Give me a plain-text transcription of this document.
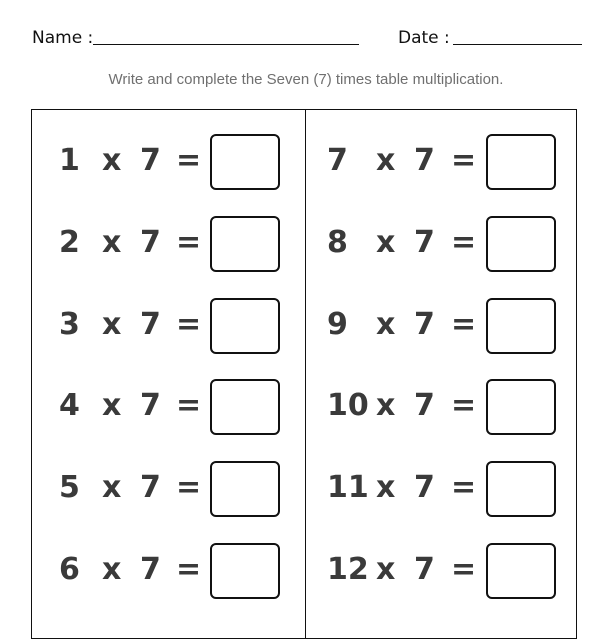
Name :	Date :
Write and complete the Seven (7) times table multiplication.
1 x 7 =
2 x 7 =
3 x 7 =
4 x 7 =
5 x 7 =
6 x 7 =
7 x 7 =
8 x 7 =
9 x 7 =
10 x 7 =
11 x 7 =
12 x 7 =
